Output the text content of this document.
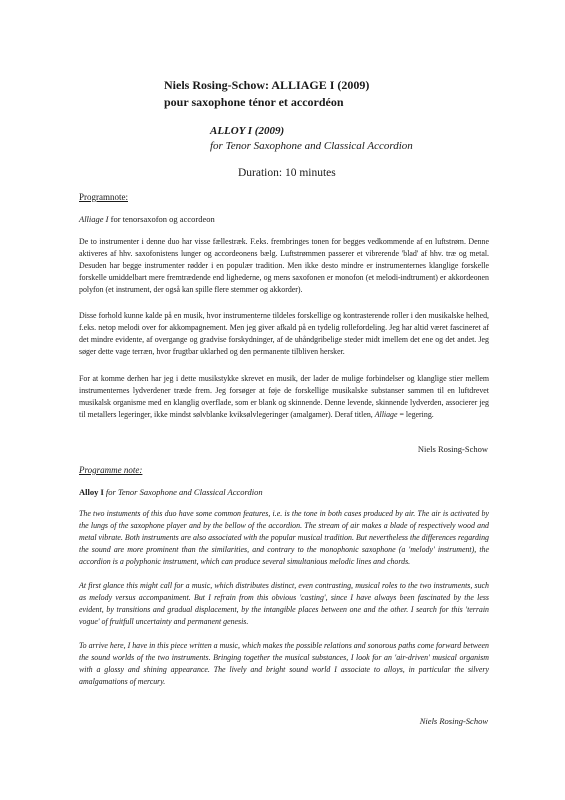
Niels Rosing-Schow: ALLIAGE I (2009)
pour saxophone ténor et accordéon
ALLOY I (2009)
for Tenor Saxophone and Classical Accordion
Duration: 10 minutes
Programnote:
Alliage I for tenorsaxofon og accordeon
De to instrumenter i denne duo har visse fællestræk. F.eks. frembringes tonen for begges vedkommende af en luftstrøm. Denne aktiveres af hhv. saxofonistens lunger og accordeonens bælg. Luftstrømmen passerer et vibrerende 'blad' af hhv. træ og metal. Desuden har begge instrumenter rødder i en populær tradition. Men ikke desto mindre er instrumenternes klanglige forskelle forskelle umiddelbart mere fremtrædende end lighederne, og mens saxofonen er monofon (et melodi-indtrument) er akkordeonen polyfon (et instrument, der også kan spille flere stemmer og akkorder).
Disse forhold kunne kalde på en musik, hvor instrumenterne tildeles forskellige og kontrasterende roller i den musikalske helhed, f.eks. netop melodi over for akkompagnement. Men jeg giver afkald på en tydelig rollefordeling. Jeg har altid været fascineret af det mindre evidente, af overgange og gradvise forskydninger, af de uhåndgribelige steder midt imellem det ene og det andet. Jeg søger dette vage terræn, hvor frugtbar uklarhed og den permanente tilbliven hersker.
For at komme derhen har jeg i dette musikstykke skrevet en musik, der lader de mulige forbindelser og klanglige stier mellem instrumenternes lydverdener træde frem. Jeg forsøger at føje de forskellige musikalske substanser sammen til en luftdrevet musikalsk organisme med en klanglig overflade, som er blank og skinnende. Denne levende, skinnende lydverden, associerer jeg til metallers legeringer, ikke mindst sølvblanke kviksølvlegeringer (amalgamer). Deraf titlen, Alliage = legering.
Niels Rosing-Schow
Programme note:
Alloy I for Tenor Saxophone and Classical Accordion
The two instuments of this duo have some common features, i.e. is the tone in both cases produced by air. The air is activated by the lungs of the saxophone player and by the bellow of the accordion. The stream of air makes a blade of respectively wood and metal vibrate. Both instruments are also associated with the popular musical tradition. But nevertheless the differences regarding the sound are more prominent than the similarities, and contrary to the monophonic saxophone (a 'melody' instrument), the accordion is a polyphonic instrument, which can produce several simultanious melodic lines and chords.
At first glance this might call for a music, which distributes distinct, even contrasting, musical roles to the two instruments, such as melody versus accompaniment. But I refrain from this obvious 'casting', since I have always been fascinated by the less evident, by transitions and gradual displacement, by the intangible places between one and the other. I search for this 'terrain vogue' of fruitfull uncertainty and permanent genesis.
To arrive here, I have in this piece written a music, which makes the possible relations and sonorous paths come forward between the sound worlds of the two instruments. Bringing together the musical substances, I look for an 'air-driven' musical organism with a glossy and shining appearance. The lively and bright sound world I associate to alloys, in particular the silvery amalgamations of mercury.
Niels Rosing-Schow
